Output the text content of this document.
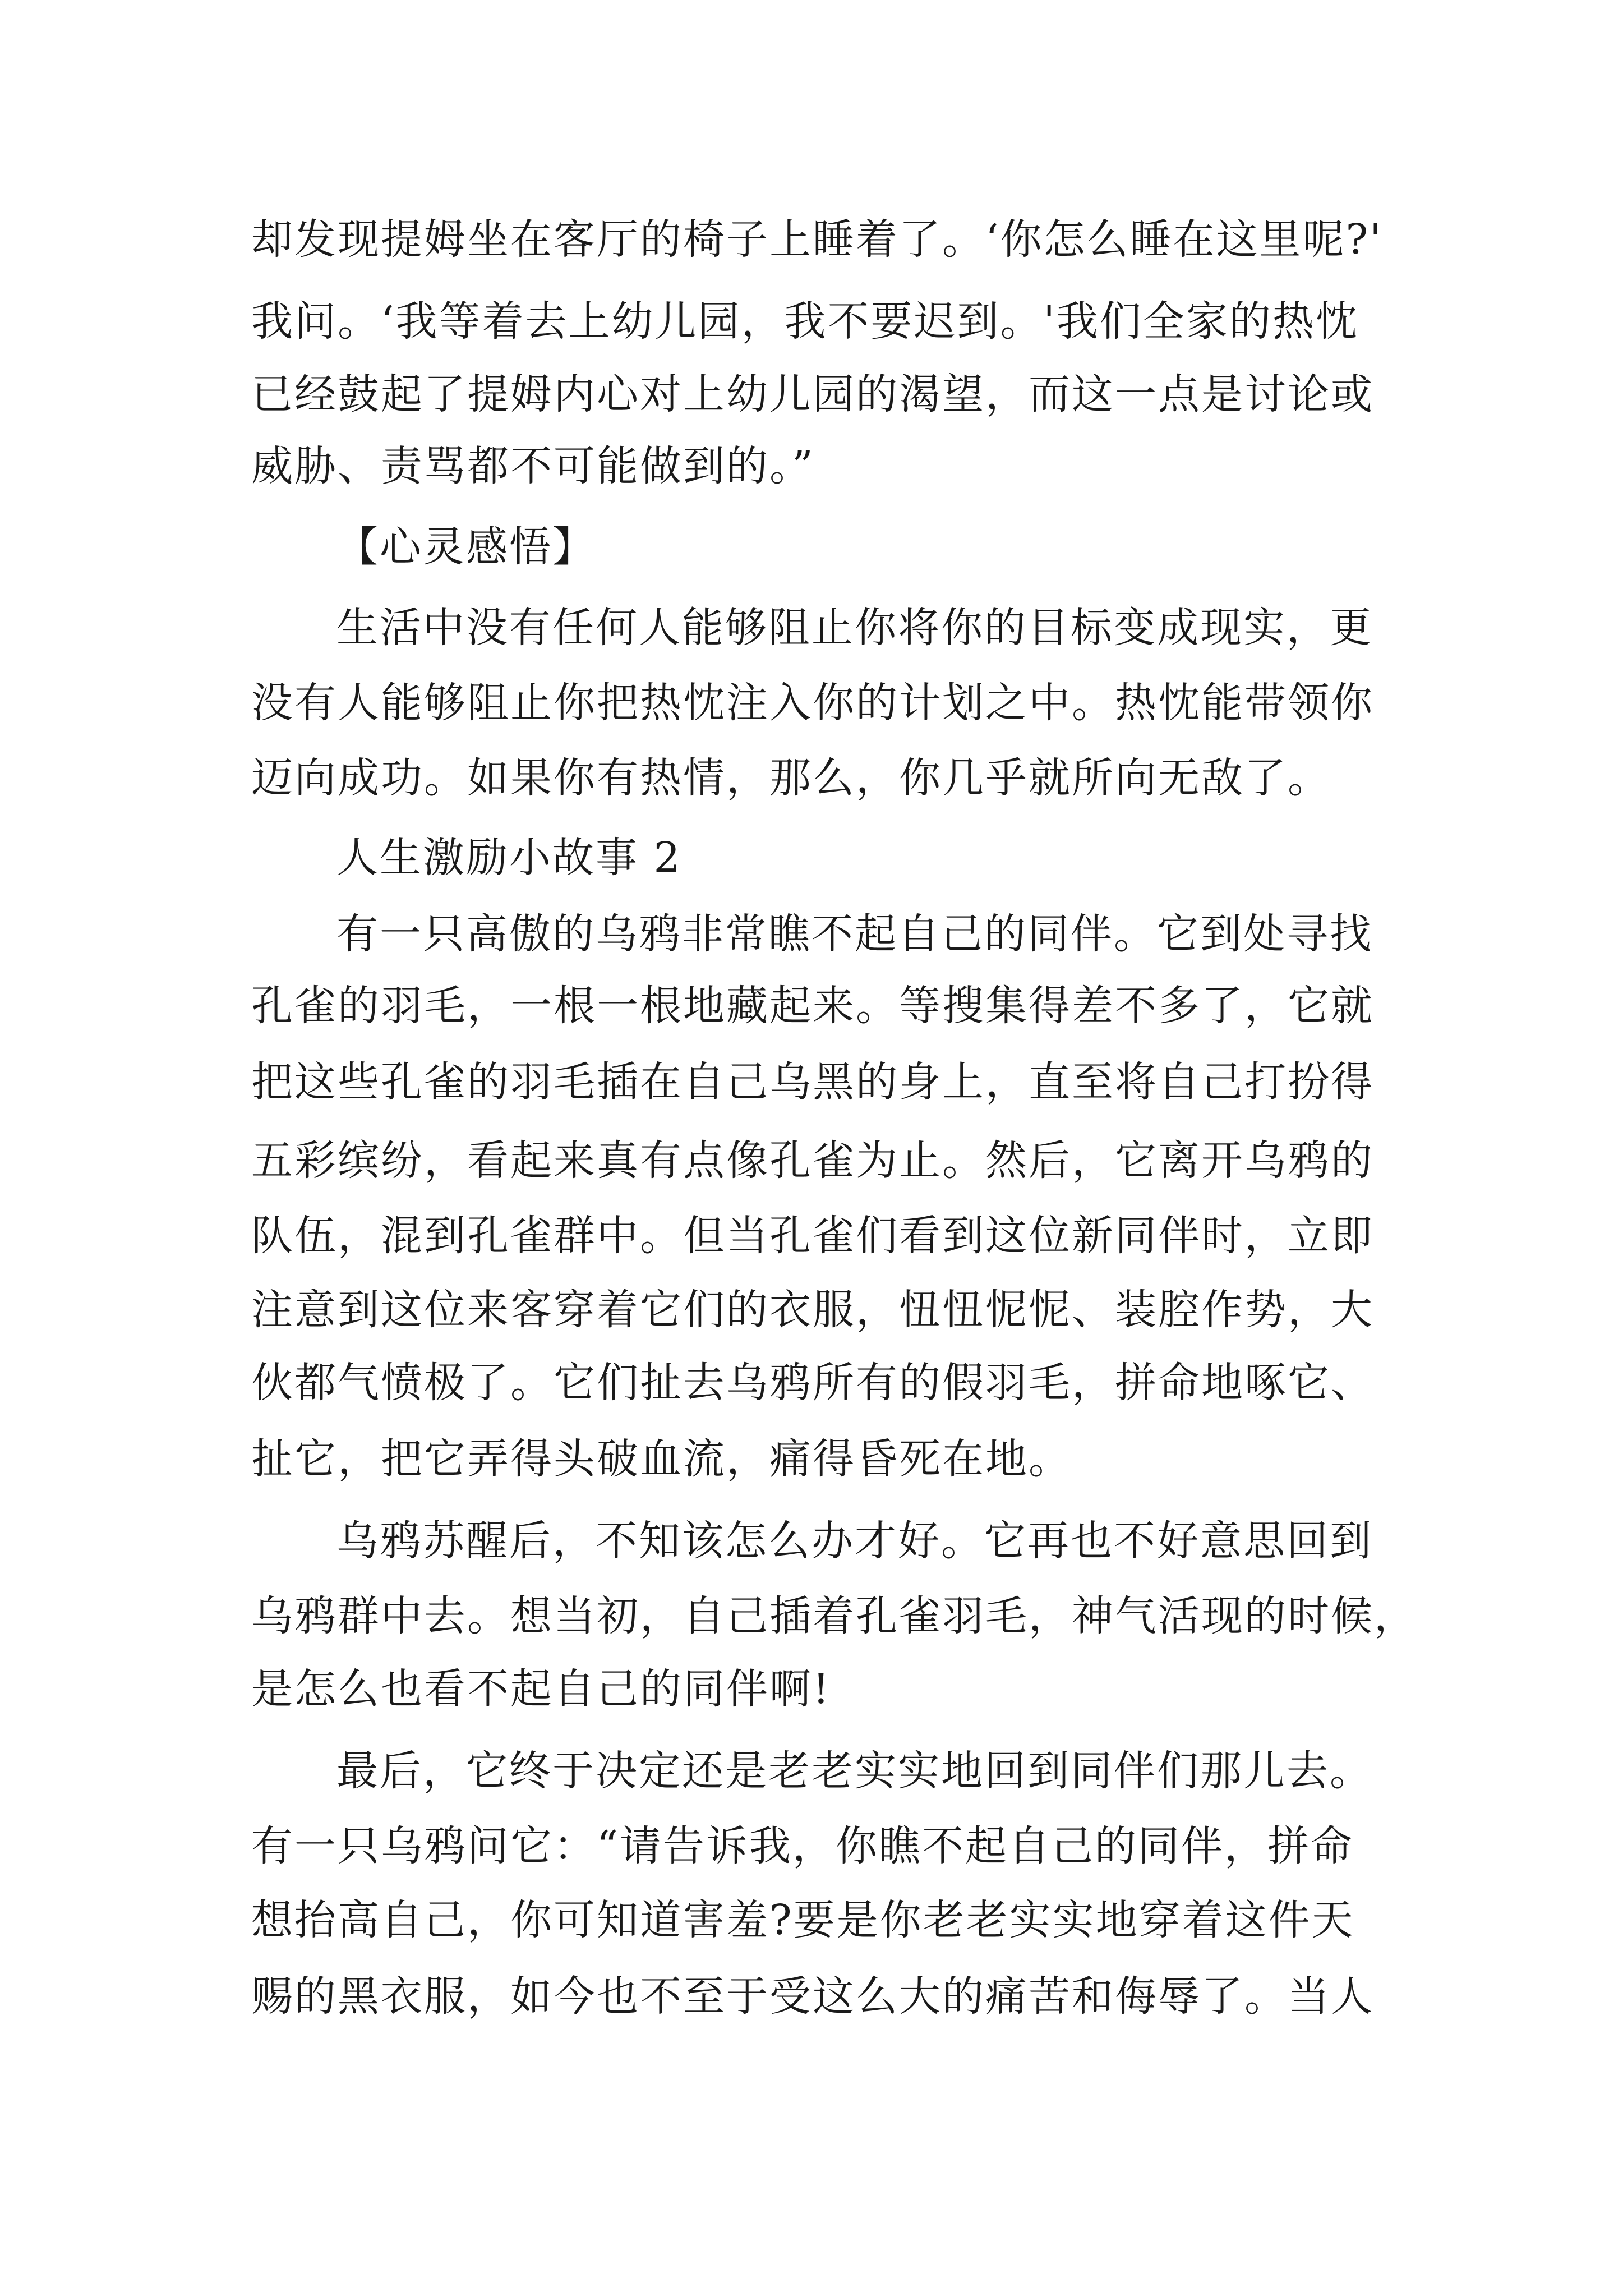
却发现提姆坐在客厅的椅子上睡着了。‘你怎么睡在这里呢?'
我问。‘我等着去上幼儿园，我不要迟到。'我们全家的热忱
已经鼓起了提姆内心对上幼儿园的渴望，而这一点是讨论或
威胁、责骂都不可能做到的。”
【心灵感悟】
生活中没有任何人能够阻止你将你的目标变成现实，更
没有人能够阻止你把热忱注入你的计划之中。热忱能带领你
迈向成功。如果你有热情，那么，你几乎就所向无敌了。
人生激励小故事 2
有一只高傲的乌鸦非常瞧不起自己的同伴。它到处寻找
孔雀的羽毛，一根一根地藏起来。等搜集得差不多了，它就
把这些孔雀的羽毛插在自己乌黑的身上，直至将自己打扮得
五彩缤纷，看起来真有点像孔雀为止。然后，它离开乌鸦的
队伍，混到孔雀群中。但当孔雀们看到这位新同伴时，立即
注意到这位来客穿着它们的衣服，忸忸怩怩、装腔作势，大
伙都气愤极了。它们扯去乌鸦所有的假羽毛，拼命地啄它、
扯它，把它弄得头破血流，痛得昏死在地。
乌鸦苏醒后，不知该怎么办才好。它再也不好意思回到
乌鸦群中去。想当初，自己插着孔雀羽毛，神气活现的时候，
是怎么也看不起自己的同伴啊!
最后，它终于决定还是老老实实地回到同伴们那儿去。
有一只乌鸦问它：“请告诉我，你瞧不起自己的同伴，拼命
想抬高自己，你可知道害羞?要是你老老实实地穿着这件天
赐的黑衣服，如今也不至于受这么大的痛苦和侮辱了。当人
